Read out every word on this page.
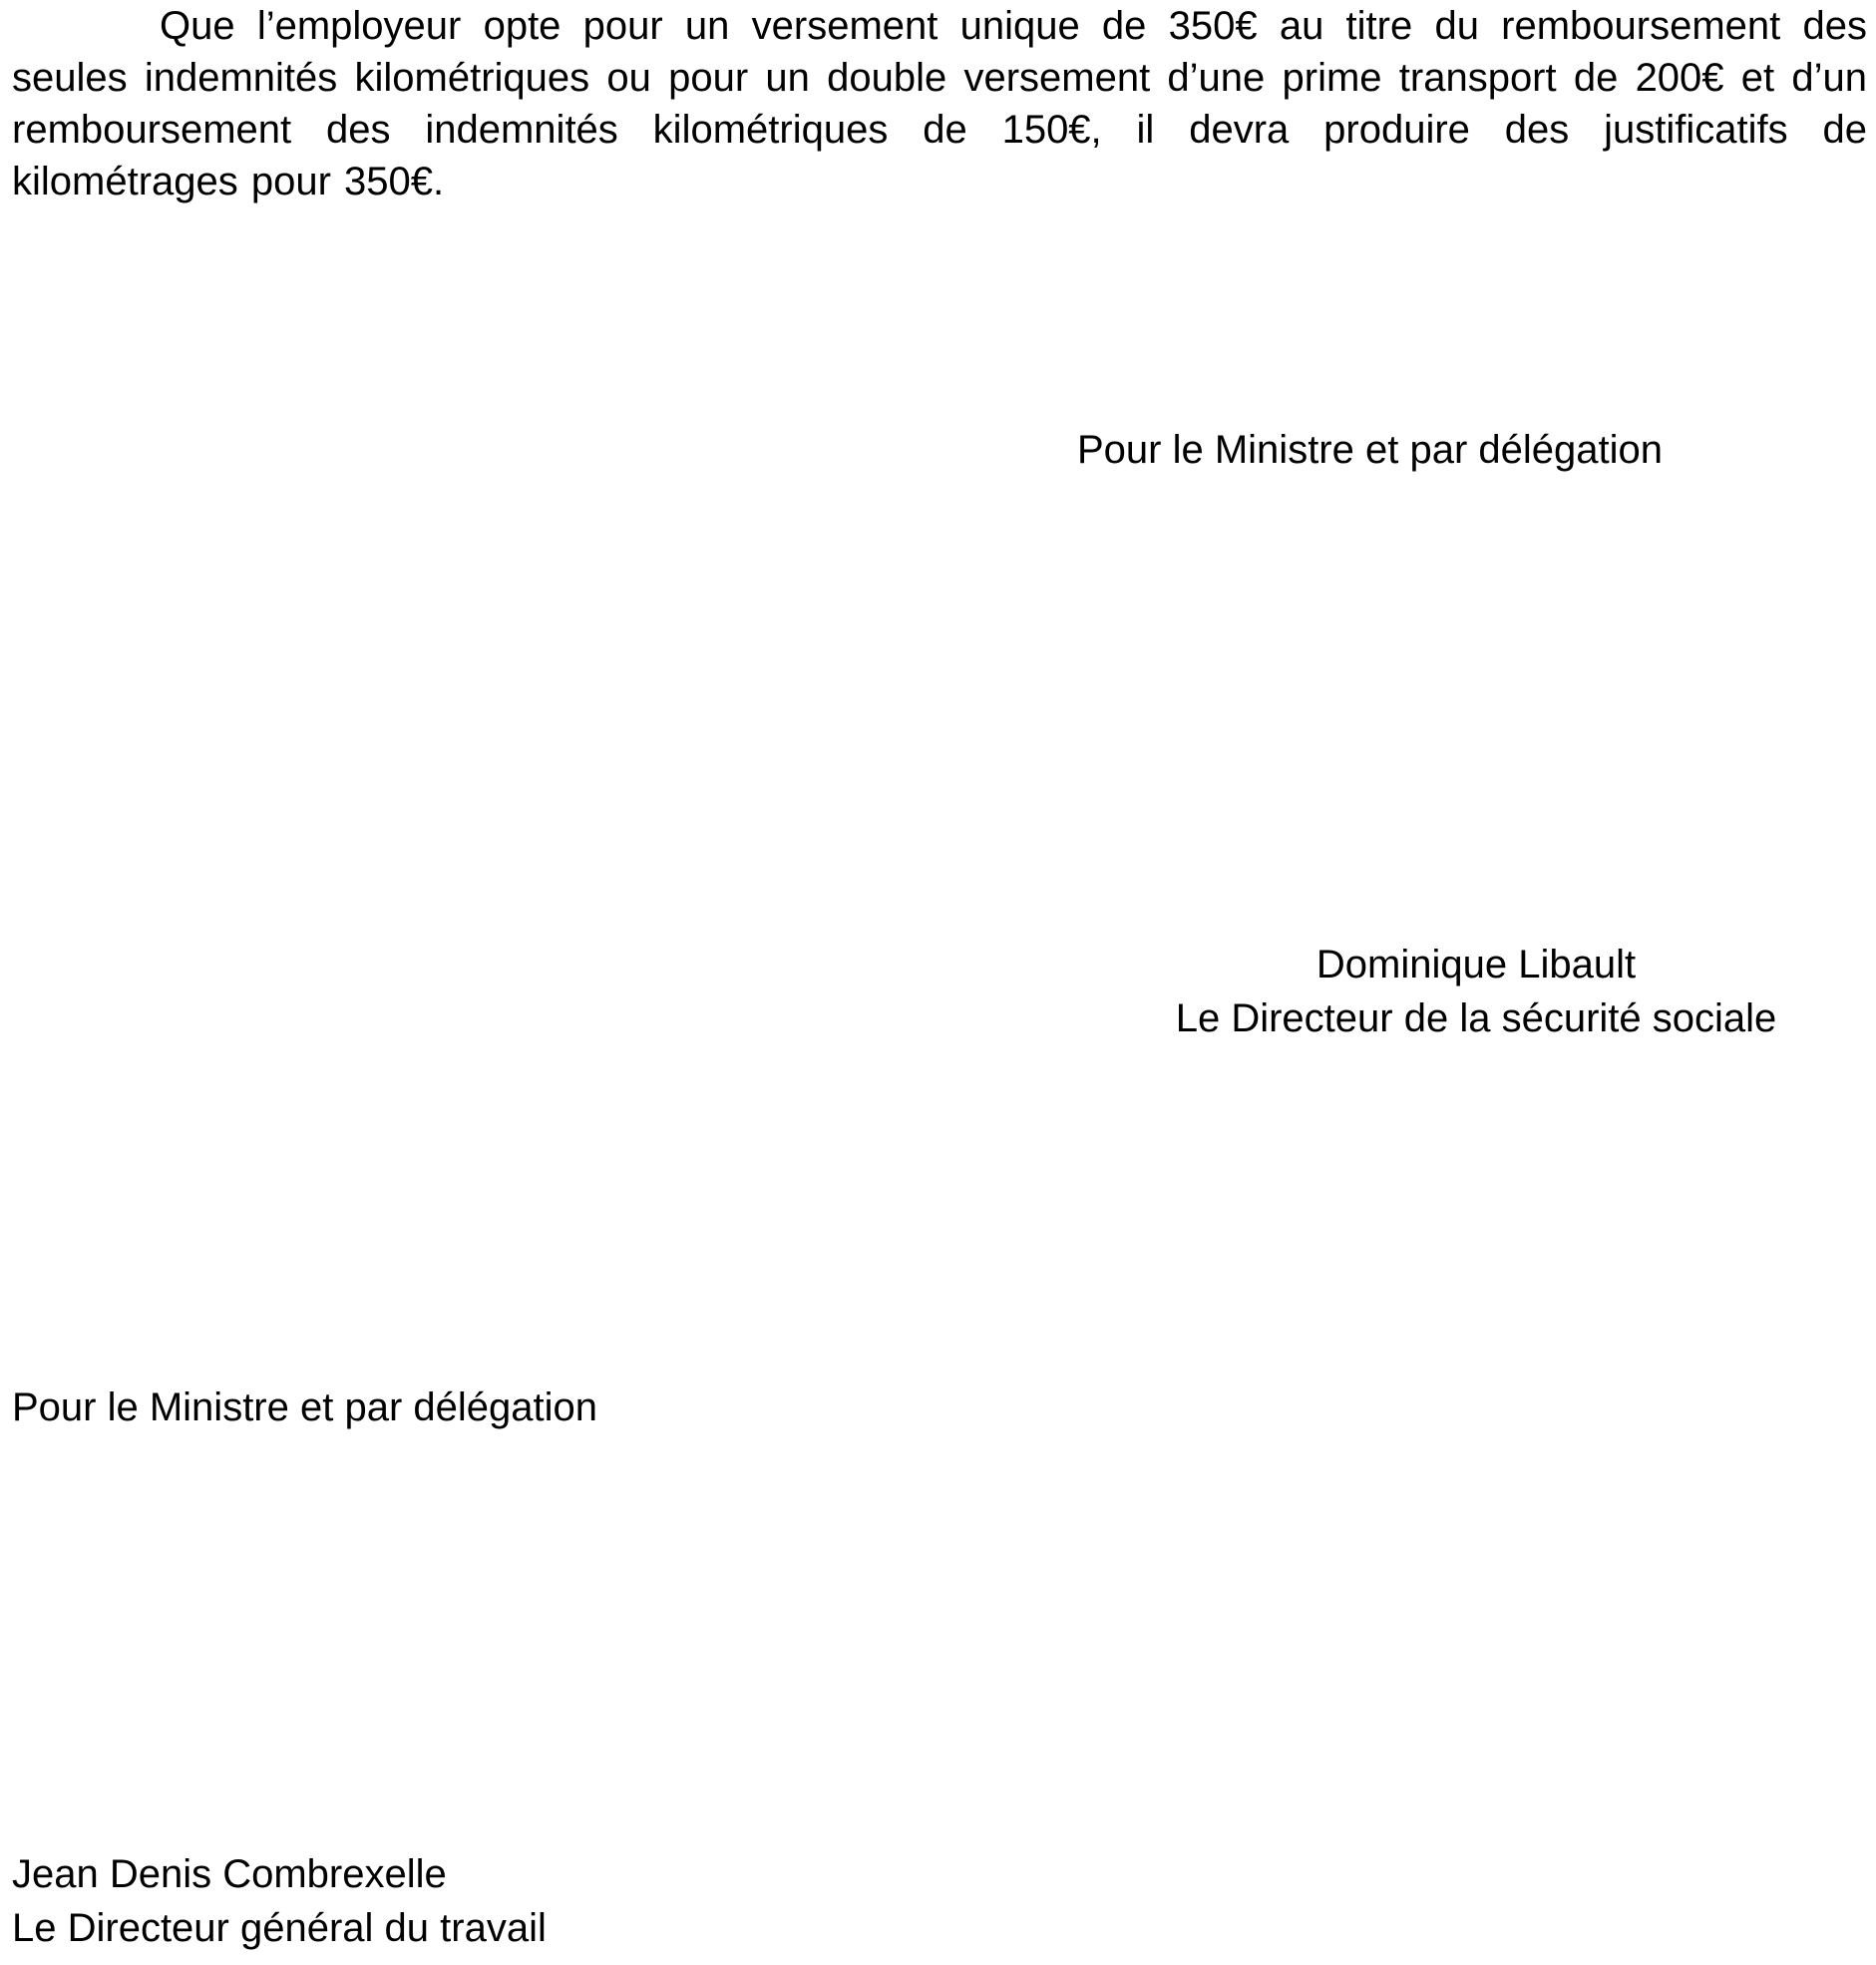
Que l’employeur opte pour un versement unique de 350€ au titre du remboursement des seules indemnités kilométriques ou pour un double versement d’une prime transport de 200€ et d’un remboursement des indemnités kilométriques de 150€, il devra produire des justificatifs de kilométrages pour 350€.

Pour le Ministre et par délégation

Dominique Libault
Le Directeur de la sécurité sociale

Pour le Ministre et par délégation

Jean Denis Combrexelle
Le Directeur général du travail
